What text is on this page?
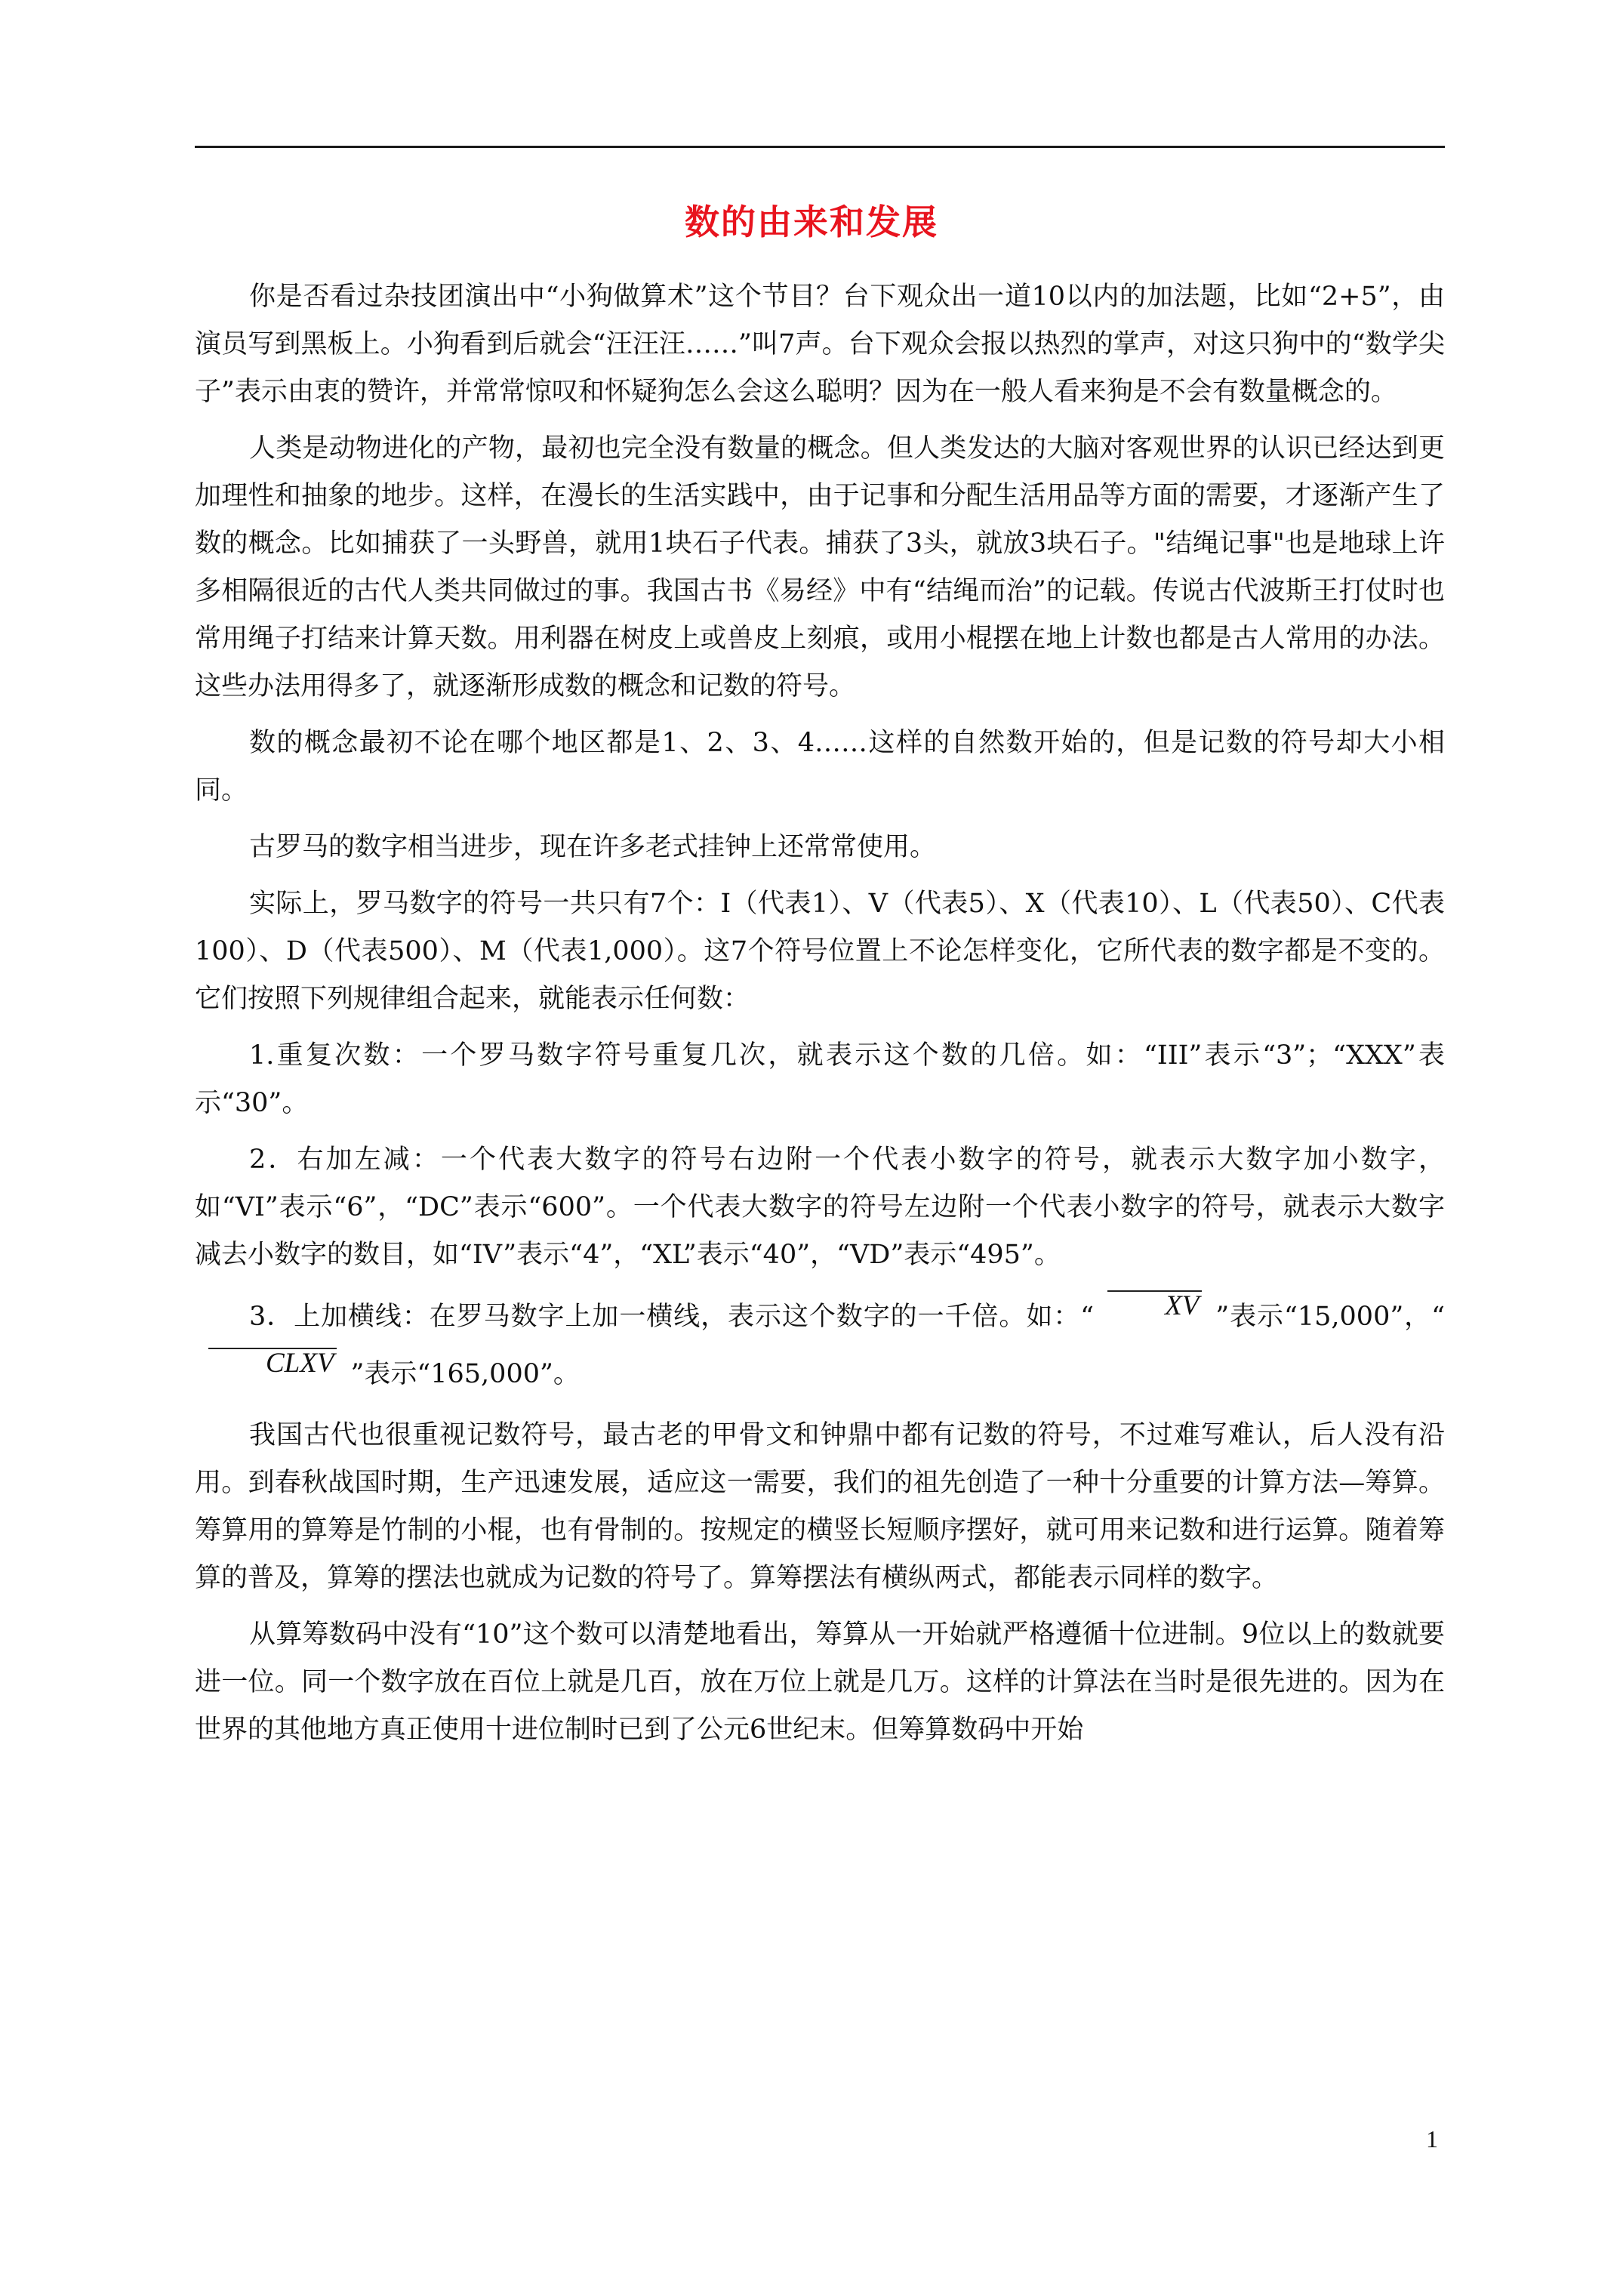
数的由来和发展

你是否看过杂技团演出中“小狗做算术”这个节目？台下观众出一道10以内的加法题，比如“2+5”，由演员写到黑板上。小狗看到后就会“汪汪汪……”叫7声。台下观众会报以热烈的掌声，对这只狗中的“数学尖子”表示由衷的赞许，并常常惊叹和怀疑狗怎么会这么聪明？因为在一般人看来狗是不会有数量概念的。

人类是动物进化的产物，最初也完全没有数量的概念。但人类发达的大脑对客观世界的认识已经达到更加理性和抽象的地步。这样，在漫长的生活实践中，由于记事和分配生活用品等方面的需要，才逐渐产生了数的概念。比如捕获了一头野兽，就用1块石子代表。捕获了3头，就放3块石子。"结绳记事"也是地球上许多相隔很近的古代人类共同做过的事。我国古书《易经》中有“结绳而治”的记载。传说古代波斯王打仗时也常用绳子打结来计算天数。用利器在树皮上或兽皮上刻痕，或用小棍摆在地上计数也都是古人常用的办法。这些办法用得多了，就逐渐形成数的概念和记数的符号。

数的概念最初不论在哪个地区都是1、2、3、4……这样的自然数开始的，但是记数的符号却大小相同。

古罗马的数字相当进步，现在许多老式挂钟上还常常使用。

实际上，罗马数字的符号一共只有7个：I（代表1）、V（代表5）、X（代表10）、L（代表50）、C代表100）、D（代表500）、M（代表1,000）。这7个符号位置上不论怎样变化，它所代表的数字都是不变的。它们按照下列规律组合起来，就能表示任何数：

1.重复次数：一个罗马数字符号重复几次，就表示这个数的几倍。如：“III”表示“3”；“XXX”表示“30”。

2．右加左减：一个代表大数字的符号右边附一个代表小数字的符号，就表示大数字加小数字，如“VI”表示“6”，“DC”表示“600”。一个代表大数字的符号左边附一个代表小数字的符号，就表示大数字减去小数字的数目，如“IV”表示“4”，“XL”表示“40”，“VD”表示“495”。

3．上加横线：在罗马数字上加一横线，表示这个数字的一千倍。如：“	XV ”表示“15,000”，“CLXV ”表示“165,000”。

我国古代也很重视记数符号，最古老的甲骨文和钟鼎中都有记数的符号，不过难写难认，后人没有沿用。到春秋战国时期，生产迅速发展，适应这一需要，我们的祖先创造了一种十分重要的计算方法—筹算。筹算用的算筹是竹制的小棍，也有骨制的。按规定的横竖长短顺序摆好，就可用来记数和进行运算。随着筹算的普及，算筹的摆法也就成为记数的符号了。算筹摆法有横纵两式，都能表示同样的数字。

从算筹数码中没有“10”这个数可以清楚地看出，筹算从一开始就严格遵循十位进制。9位以上的数就要进一位。同一个数字放在百位上就是几百，放在万位上就是几万。这样的计算法在当时是很先进的。因为在世界的其他地方真正使用十进位制时已到了公元6世纪末。但筹算数码中开始

1
